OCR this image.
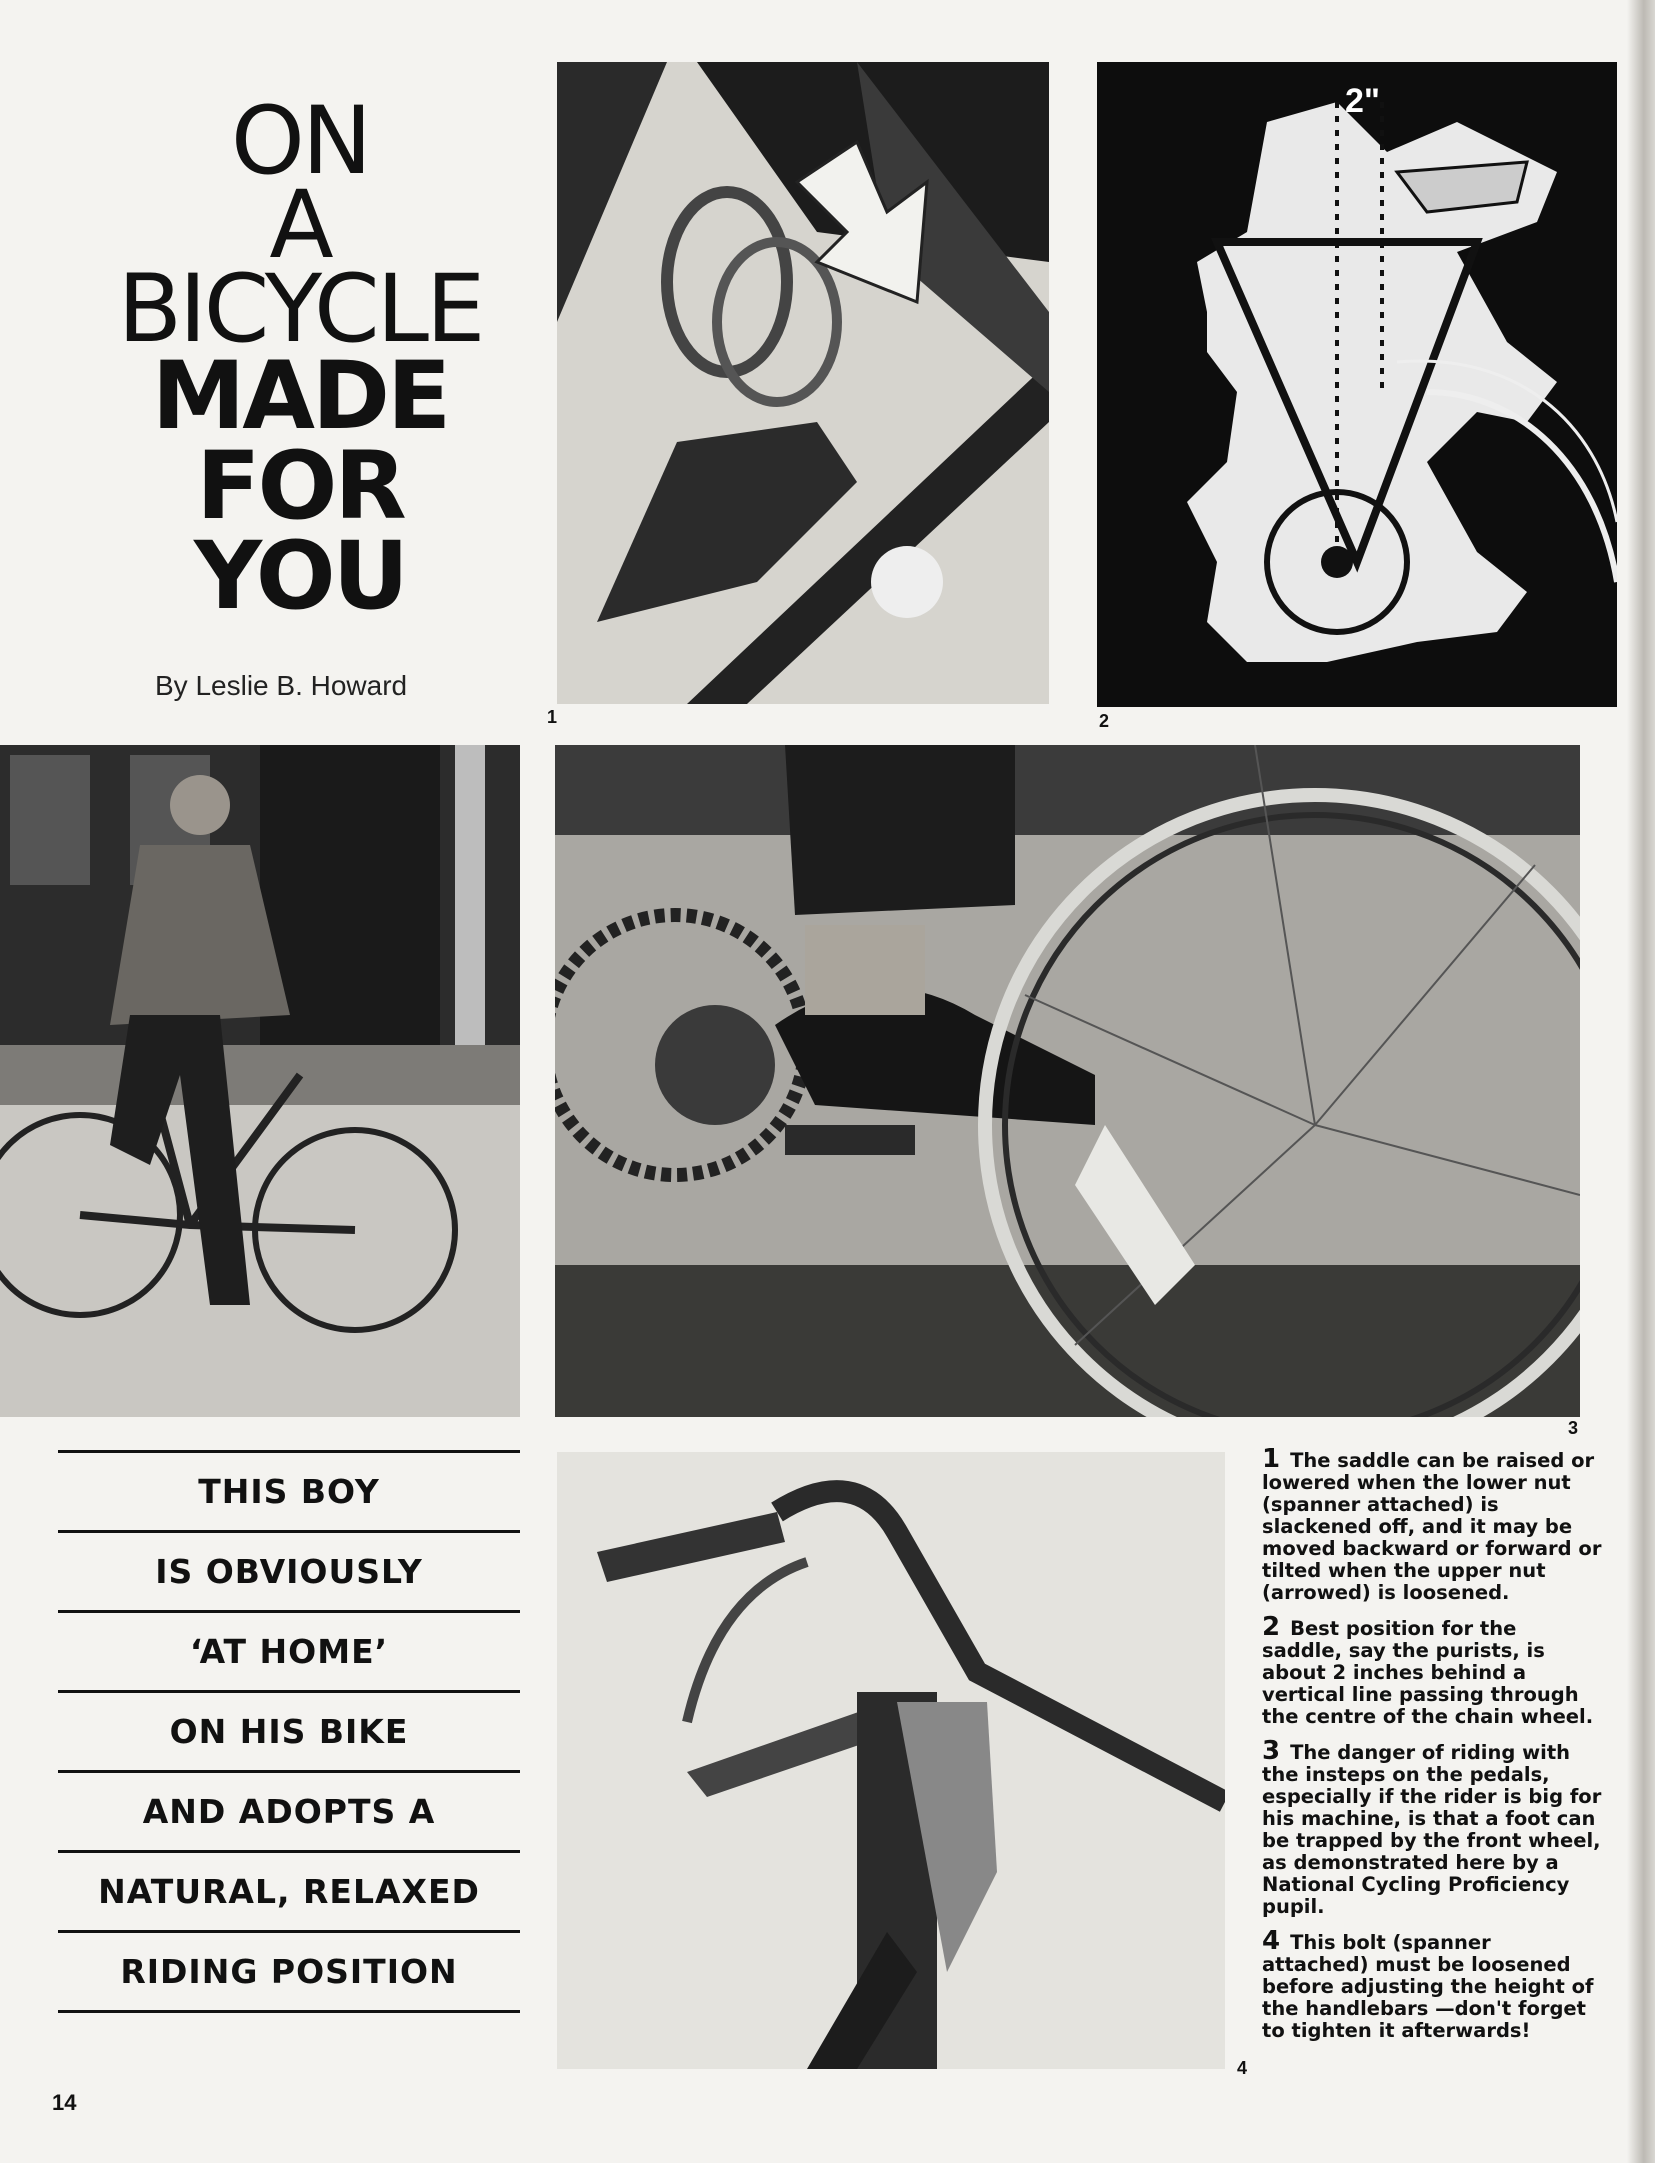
ON
A
BICYCLE
MADE
FOR
YOU
By Leslie B. Howard
1
2"
2
3
THIS BOY
IS OBVIOUSLY
‘AT HOME’
ON HIS BIKE
AND ADOPTS A
NATURAL, RELAXED
RIDING POSITION
4
1 The saddle can be raised or lowered when the lower nut (spanner attached) is slackened off, and it may be moved backward or forward or tilted when the upper nut (arrowed) is loosened.
2 Best position for the saddle, say the purists, is about 2 inches behind a vertical line passing through the centre of the chain wheel.
3 The danger of riding with the insteps on the pedals, especially if the rider is big for his machine, is that a foot can be trapped by the front wheel, as demonstrated here by a National Cycling Proficiency pupil.
4 This bolt (spanner attached) must be loosened before adjusting the height of the handlebars —don't forget to tighten it afterwards!
14
